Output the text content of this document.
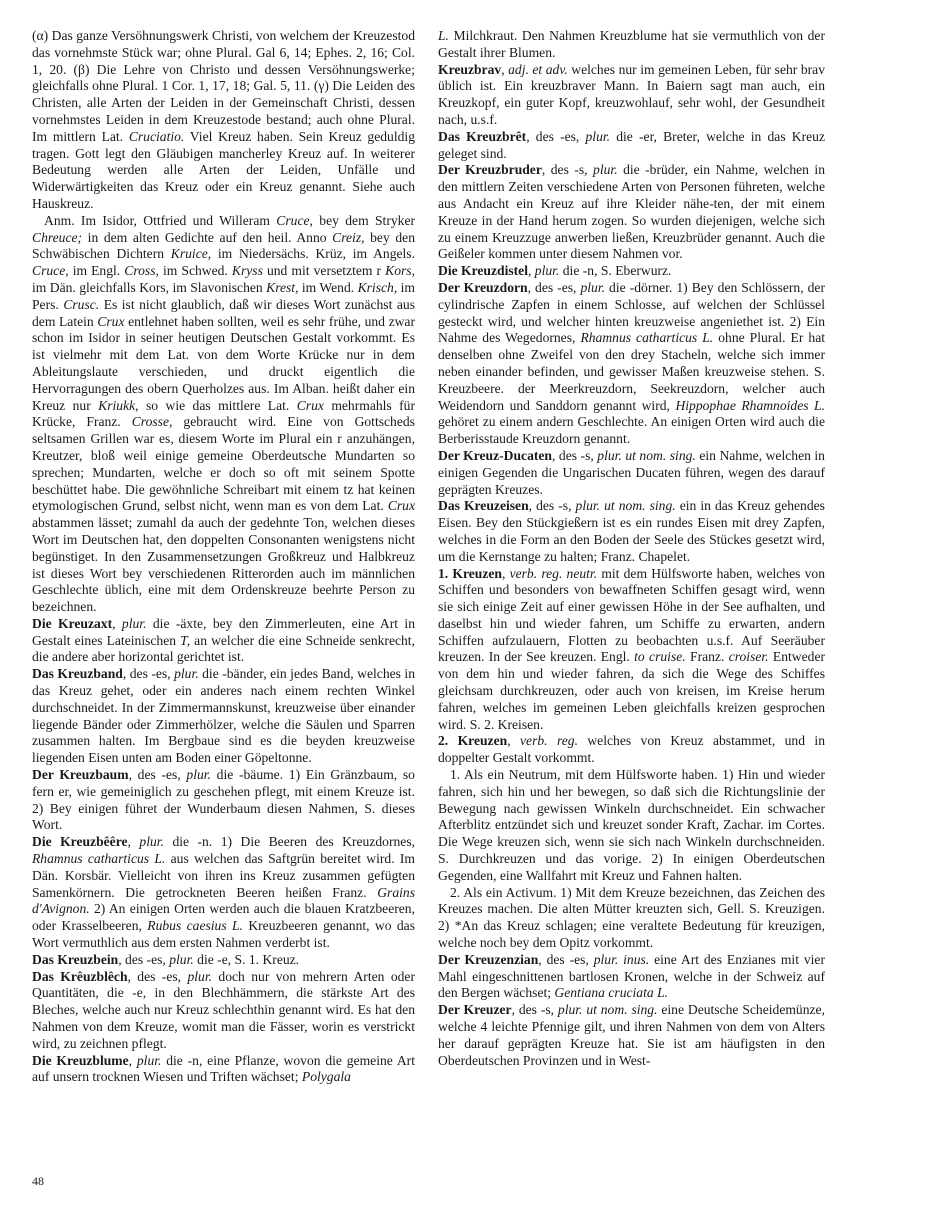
(α) Das ganze Versöhnungswerk Christi, von welchem der Kreuzestod das vornehmste Stück war; ohne Plural. Gal 6, 14; Ephes. 2, 16; Col. 1, 20. (β) Die Lehre von Christo und dessen Versöhnungswerke; gleichfalls ohne Plural. 1 Cor. 1, 17, 18; Gal. 5, 11. (γ) Die Leiden des Christen, alle Arten der Leiden in der Gemeinschaft Christi, dessen vornehmstes Leiden in dem Kreuzestode bestand; auch ohne Plural. Im mittlern Lat. Cruciatio. Viel Kreuz haben. Sein Kreuz geduldig tragen. Gott legt den Gläubigen mancherley Kreuz auf. In weiterer Bedeutung werden alle Arten der Leiden, Unfälle und Widerwärtigkeiten das Kreuz oder ein Kreuz genannt. Siehe auch Hauskreuz.

Anm. Im Isidor, Ottfried und Willeram Cruce, bey dem Stryker Chreuce; in dem alten Gedichte auf den heil. Anno Creiz, bey den Schwäbischen Dichtern Kruice, im Niedersächs. Krüz, im Angels. Cruce, im Engl. Cross, im Schwed. Kryss und mit versetztem r Kors, im Dän. gleichfalls Kors, im Slavonischen Krest, im Wend. Krisch, im Pers. Crusc. Es ist nicht glaublich, daß wir dieses Wort zunächst aus dem Latein Crux entlehnet haben sollten, weil es sehr frühe, und zwar schon im Isidor in seiner heutigen Deutschen Gestalt vorkommt. Es ist vielmehr mit dem Lat. von dem Worte Krücke nur in dem Ableitungslaute verschieden, und druckt eigentlich die Hervorragungen des obern Querholzes aus. Im Alban. heißt daher ein Kreuz nur Kriukk, so wie das mittlere Lat. Crux mehrmahls für Krücke, Franz. Crosse, gebraucht wird. Eine von Gottscheds seltsamen Grillen war es, diesem Worte im Plural ein r anzuhängen, Kreutzer, bloß weil einige gemeine Oberdeutsche Mundarten so sprechen; Mundarten, welche er doch so oft mit seinem Spotte beschüttet habe. Die gewöhnliche Schreibart mit einem tz hat keinen etymologischen Grund, selbst nicht, wenn man es von dem Lat. Crux abstammen lässet; zumahl da auch der gedehnte Ton, welchen dieses Wort im Deutschen hat, den doppelten Consonanten wenigstens nicht begünstiget. In den Zusammensetzungen Großkreuz und Halbkreuz ist dieses Wort bey verschiedenen Ritterorden auch im männlichen Geschlechte üblich, eine mit dem Ordenskreuze beehrte Person zu bezeichnen.

Die Kreuzaxt, plur. die -äxte, bey den Zimmerleuten, eine Art in Gestalt eines Lateinischen T, an welcher die eine Schneide senkrecht, die andere aber horizontal gerichtet ist.

Das Kreuzband, des -es, plur. die -bänder, ein jedes Band, welches in das Kreuz gehet, oder ein anderes nach einem rechten Winkel durchschneidet. In der Zimmermannskunst, kreuzweise über einander liegende Bänder oder Zimmerhölzer, welche die Säulen und Sparren zusammen halten. Im Bergbaue sind es die beyden kreuzweise liegenden Eisen unten am Boden einer Göpeltonne.

Der Kreuzbaum, des -es, plur. die -bäume. 1) Ein Gränzbaum, so fern er, wie gemeiniglich zu geschehen pflegt, mit einem Kreuze ist. 2) Bey einigen führet der Wunderbaum diesen Nahmen, S. dieses Wort.

Die Kreuzbêêre, plur. die -n. 1) Die Beeren des Kreuzdornes, Rhamnus catharticus L. aus welchen das Saftgrün bereitet wird. Im Dän. Korsbär. Vielleicht von ihren ins Kreuz zusammen gefügten Samenkörnern. Die getrockneten Beeren heißen Franz. Grains d'Avignon. 2) An einigen Orten werden auch die blauen Kratzbeeren, oder Krasselbeeren, Rubus caesius L. Kreuzbeeren genannt, wo das Wort vermuthlich aus dem ersten Nahmen verderbt ist.

Das Kreuzbein, des -es, plur. die -e, S. 1. Kreuz.

Das Krêuzblêch, des -es, plur. doch nur von mehrern Arten oder Quantitäten, die -e, in den Blechhämmern, die stärkste Art des Bleches, welche auch nur Kreuz schlechthin genannt wird. Es hat den Nahmen von dem Kreuze, womit man die Fässer, worin es verstrickt wird, zu zeichnen pflegt.

Die Kreuzblume, plur. die -n, eine Pflanze, wovon die gemeine Art auf unsern trocknen Wiesen und Triften wächset; Polygala

L. Milchkraut. Den Nahmen Kreuzblume hat sie vermuthlich von der Gestalt ihrer Blumen.

Kreuzbrav, adj. et adv. welches nur im gemeinen Leben, für sehr brav üblich ist. Ein kreuzbraver Mann. In Baiern sagt man auch, ein Kreuzkopf, ein guter Kopf, kreuzwohlauf, sehr wohl, der Gesundheit nach, u.s.f.

Das Kreuzbrêt, des -es, plur. die -er, Breter, welche in das Kreuz geleget sind.

Der Kreuzbruder, des -s, plur. die -brüder, ein Nahme, welchen in den mittlern Zeiten verschiedene Arten von Personen führeten, welche aus Andacht ein Kreuz auf ihre Kleider nähe-ten, der mit einem Kreuze in der Hand herum zogen. So wurden diejenigen, welche sich zu einem Kreuzzuge anwerben ließen, Kreuzbrüder genannt. Auch die Geißeler kommen unter diesem Nahmen vor.

Die Kreuzdistel, plur. die -n, S. Eberwurz.

Der Kreuzdorn, des -es, plur. die -dörner. 1) Bey den Schlössern, der cylindrische Zapfen in einem Schlosse, auf welchen der Schlüssel gesteckt wird, und welcher hinten kreuzweise angeniethet ist. 2) Ein Nahme des Wegedornes, Rhamnus catharticus L. ohne Plural. Er hat denselben ohne Zweifel von den drey Stacheln, welche sich immer neben einander befinden, und gewisser Maßen kreuzweise stehen. S. Kreuzbeere. der Meerkreuzdorn, Seekreuzdorn, welcher auch Weidendorn und Sanddorn genannt wird, Hippophae Rhamnoides L. gehöret zu einem andern Geschlechte. An einigen Orten wird auch die Berberisstaude Kreuzdorn genannt.

Der Kreuz-Ducaten, des -s, plur. ut nom. sing. ein Nahme, welchen in einigen Gegenden die Ungarischen Ducaten führen, wegen des darauf geprägten Kreuzes.

Das Kreuzeisen, des -s, plur. ut nom. sing. ein in das Kreuz gehendes Eisen. Bey den Stückgießern ist es ein rundes Eisen mit drey Zapfen, welches in die Form an den Boden der Seele des Stückes gesetzt wird, um die Kernstange zu halten; Franz. Chapelet.

1. Kreuzen, verb. reg. neutr. mit dem Hülfsworte haben, welches von Schiffen und besonders von bewaffneten Schiffen gesagt wird, wenn sie sich einige Zeit auf einer gewissen Höhe in der See aufhalten, und daselbst hin und wieder fahren, um Schiffe zu erwarten, andern Schiffen aufzulauern, Flotten zu beobachten u.s.f. Auf Seeräuber kreuzen. In der See kreuzen. Engl. to cruise. Franz. croiser. Entweder von dem hin und wieder fahren, da sich die Wege des Schiffes gleichsam durchkreuzen, oder auch von kreisen, im Kreise herum fahren, welches im gemeinen Leben gleichfalls kreizen gesprochen wird. S. 2. Kreisen.

2. Kreuzen, verb. reg. welches von Kreuz abstammet, und in doppelter Gestalt vorkommt.

1. Als ein Neutrum, mit dem Hülfsworte haben. 1) Hin und wieder fahren, sich hin und her bewegen, so daß sich die Richtungslinie der Bewegung nach gewissen Winkeln durchschneidet. Ein schwacher Afterblitz entzündet sich und kreuzet sonder Kraft, Zachar. im Cortes. Die Wege kreuzen sich, wenn sie sich nach Winkeln durchschneiden. S. Durchkreuzen und das vorige. 2) In einigen Oberdeutschen Gegenden, eine Wallfahrt mit Kreuz und Fahnen halten.

2. Als ein Activum. 1) Mit dem Kreuze bezeichnen, das Zeichen des Kreuzes machen. Die alten Mütter kreuzten sich, Gell. S. Kreuzigen. 2) *An das Kreuz schlagen; eine veraltete Bedeutung für kreuzigen, welche noch bey dem Opitz vorkommt.

Der Kreuzenzian, des -es, plur. inus. eine Art des Enzianes mit vier Mahl eingeschnittenen bartlosen Kronen, welche in der Schweiz auf den Bergen wächset; Gentiana cruciata L.

Der Kreuzer, des -s, plur. ut nom. sing. eine Deutsche Scheidemünze, welche 4 leichte Pfennige gilt, und ihren Nahmen von dem von Alters her darauf geprägten Kreuze hat. Sie ist am häufigsten in den Oberdeutschen Provinzen und in West-

48
